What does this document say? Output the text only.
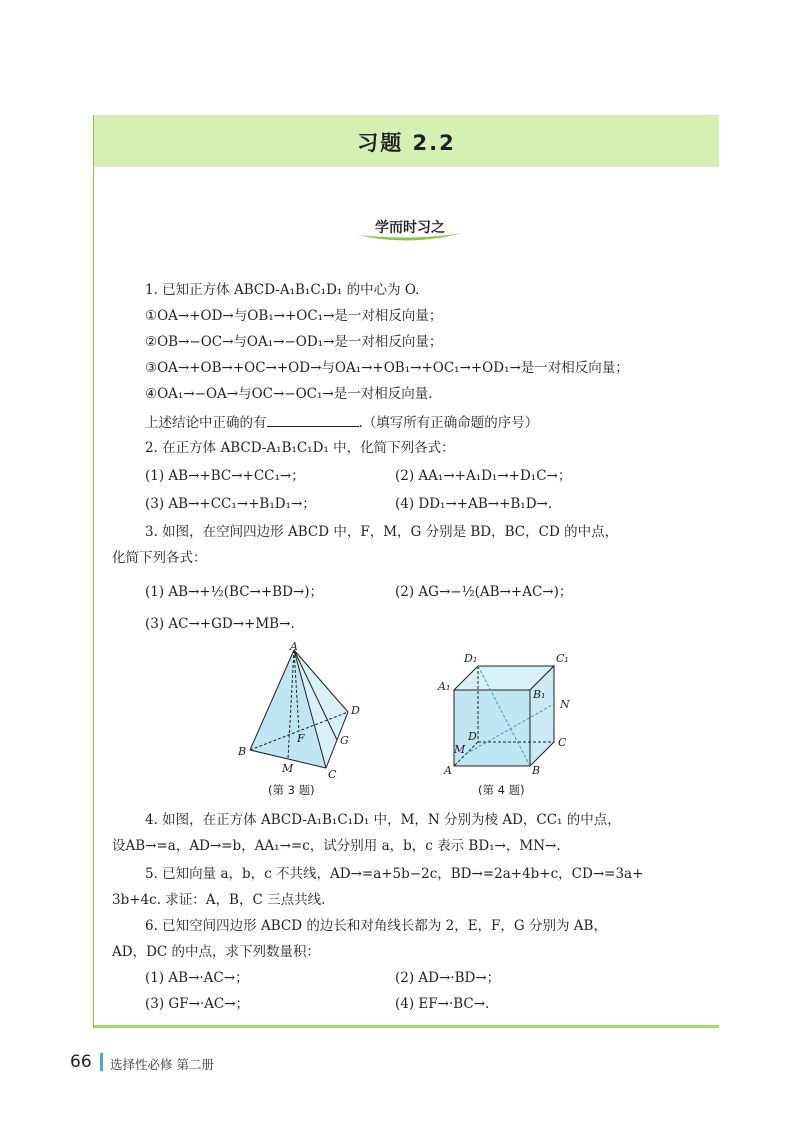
习题 2.2
学而时习之
1. 已知正方体 ABCD-A₁B₁C₁D₁ 的中心为 O.
①OA→+OD→与OB₁→+OC₁→是一对相反向量；
②OB→−OC→与OA₁→−OD₁→是一对相反向量；
③OA→+OB→+OC→+OD→与OA₁→+OB₁→+OC₁→+OD₁→是一对相反向量；
④OA₁→−OA→与OC→−OC₁→是一对相反向量.
上述结论中正确的有	.（填写所有正确命题的序号）
2. 在正方体 ABCD-A₁B₁C₁D₁ 中，化简下列各式：
(1) AB→+BC→+CC₁→；	(2) AA₁→+A₁D₁→+D₁C→；
(3) AB→+CC₁→+B₁D₁→；	(4) DD₁→+AB→+B₁D→.
3. 如图，在空间四边形 ABCD 中，F，M，G 分别是 BD，BC，CD 的中点，
化简下列各式：
(1) AB→+½(BC→+BD→)；	(2) AG→−½(AB→+AC→)；
(3) AC→+GD→+MB→.
A
B
C
D
F	G
M
(第 3 题)
D₁	C₁
A₁
B₁
N
D	C
M
A	B
(第 4 题)
4. 如图，在正方体 ABCD-A₁B₁C₁D₁ 中，M，N 分别为棱 AD，CC₁ 的中点，
设AB→=a，AD→=b，AA₁→=c，试分别用 a，b，c 表示 BD₁→，MN→.
5. 已知向量 a，b，c 不共线，AD→=a+5b−2c，BD→=2a+4b+c，CD→=3a+
3b+4c. 求证：A，B，C 三点共线.
6. 已知空间四边形 ABCD 的边长和对角线长都为 2，E，F，G 分别为 AB，
AD，DC 的中点，求下列数量积：
(1) AB→·AC→；	(2) AD→·BD→；
(3) GF→·AC→；	(4) EF→·BC→.
66 选择性必修 第二册
